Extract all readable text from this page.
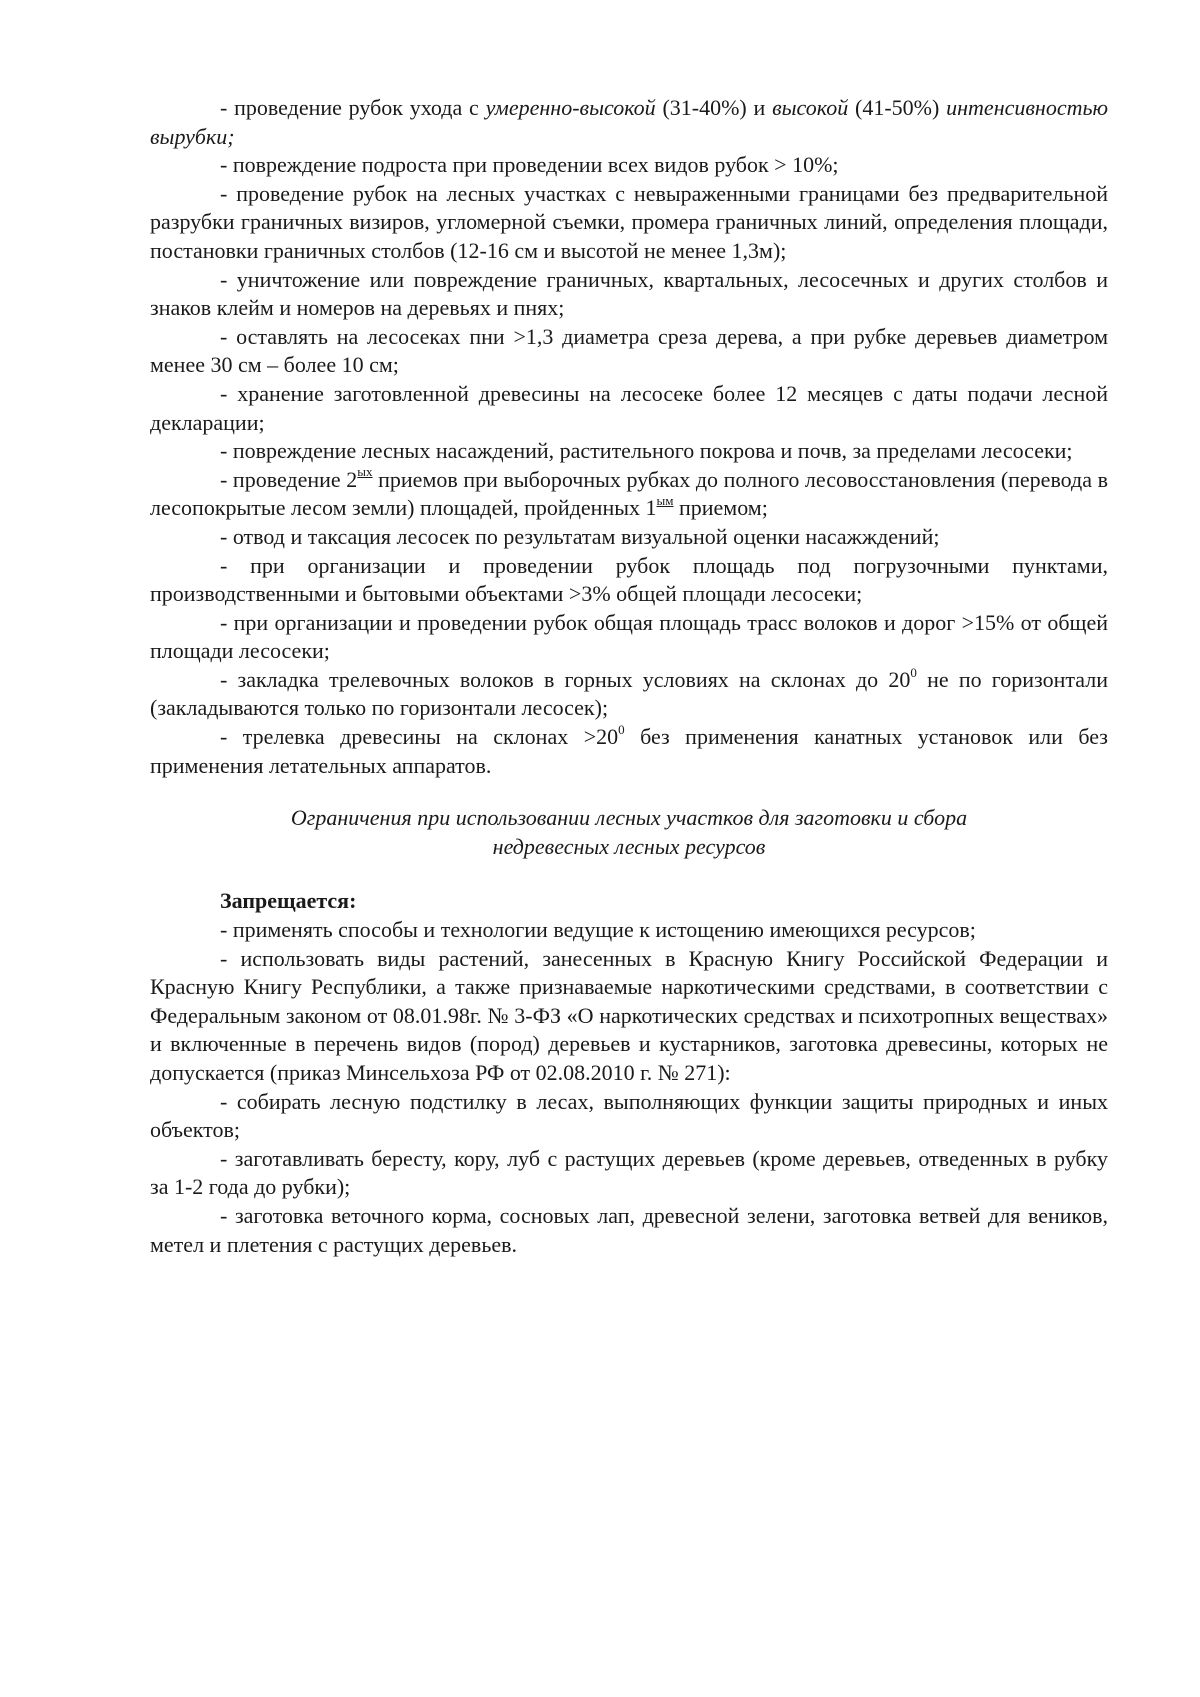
- проведение рубок ухода с умеренно-высокой (31-40%) и высокой (41-50%) интенсивностью вырубки;

- повреждение подроста при проведении всех видов рубок > 10%;

- проведение рубок на лесных участках с невыраженными границами без предварительной разрубки граничных визиров, угломерной съемки, промера граничных линий, определения площади, постановки граничных столбов (12-16 см и высотой не менее 1,3м);

- уничтожение или повреждение граничных, квартальных, лесосечных и других столбов и знаков клейм и номеров на деревьях и пнях;

- оставлять на лесосеках пни >1,3 диаметра среза дерева, а при рубке деревьев диаметром менее 30 см – более 10 см;

- хранение заготовленной древесины на лесосеке более 12 месяцев с даты подачи лесной декларации;

- повреждение лесных насаждений, растительного покрова и почв, за пределами лесосеки;

- проведение $2^{ых}$ приемов при выборочных рубках до полного лесовосстановления (перевода в лесопокрытые лесом земли) площадей, пройденных $1^{ым}$ приемом;

- отвод и таксация лесосек по результатам визуальной оценки насажждений;

- при организации и проведении рубок площадь под погрузочными пунктами, производственными и бытовыми объектами >3% общей площади лесосеки;

- при организации и проведении рубок общая площадь трасс волоков и дорог >15% от общей площади лесосеки;

- закладка трелевочных волоков в горных условиях на склонах до $20^0$ не по горизонтали (закладываются только по горизонтали лесосек);

- трелевка древесины на склонах $>20^0$ без применения канатных установок или без применения летательных аппаратов.

Ограничения при использовании лесных участков для заготовки и сбора
недревесных лесных ресурсов

Запрещается:

- применять способы и технологии ведущие к истощению имеющихся ресурсов;

- использовать виды растений, занесенных в Красную Книгу Российской Федерации и Красную Книгу Республики, а также признаваемые наркотическими средствами, в соответствии с Федеральным законом от 08.01.98г. № 3-ФЗ «О наркотических средствах и психотропных веществах» и включенные в перечень видов (пород) деревьев и кустарников, заготовка древесины, которых не допускается (приказ Минсельхоза РФ от 02.08.2010 г. № 271):

- собирать лесную подстилку в лесах, выполняющих функции защиты природных и иных объектов;

- заготавливать бересту, кору, луб с растущих деревьев (кроме деревьев, отведенных в рубку за 1-2 года до рубки);

- заготовка веточного корма, сосновых лап, древесной зелени, заготовка ветвей для веников, метел и плетения с растущих деревьев.
